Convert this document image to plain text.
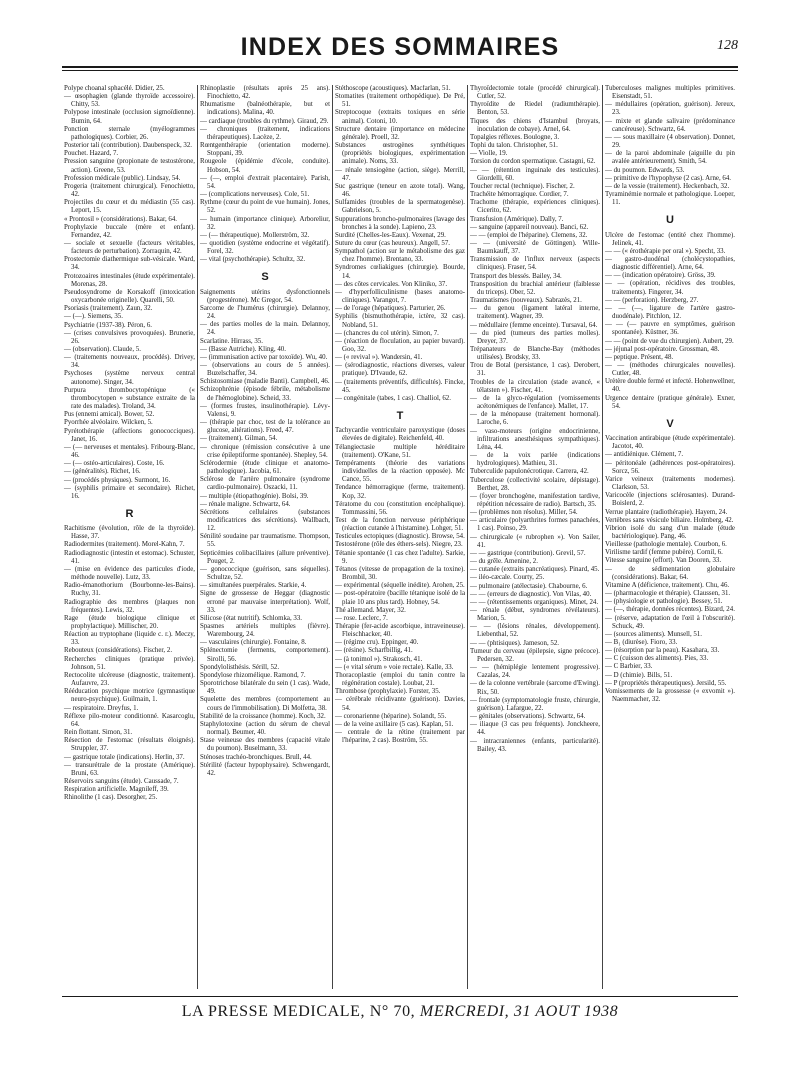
INDEX DES SOMMAIRES	128
Polype choanal sphacélé. Didier, 25.
— œsophagien (glande thyroïde accessoire). Chitty, 53.
Polypose intestinale (occlusion sigmoïdienne). Bumin, 64.
Ponction sternale (myélogrammes pathologiques). Corbier, 26.
Posterior tali (contribution). Daubenspeck, 32.
Pouchet. Hazard, 7.
Pression sanguine (propionate de testostérone, action). Greene, 53.
Profession médicale (public). Lindsay, 54.
Progeria (traitement chirurgical). Fenochietto, 42.
Projectiles du cœur et du médiastin (55 cas). Leport, 15.
« Prontosil » (considérations). Bakar, 64.
Prophylaxie buccale (mère et enfant). Fernandez, 42.
— sociale et sexuelle (facteurs véritables, facteurs de perturbation). Zorraquin, 42.
Prostectomie diathermique sub-vésicale. Ward, 34.
Protozoaires intestinales (étude expérimentale). Morenas, 28.
Pseudosyndrome de Korsakoff (intoxication oxycarbonée originelle). Quarelli, 50.
Psoriasis (traitement). Zaun, 32.
— (—). Siemens, 35.
Psychiatrie (1937-38). Péron, 6.
— (crises convulsives provoquées). Brunerie, 26.
— (observation). Claude, 5.
— (traitements nouveaux, procédés). Drivey, 34.
Psychoses (système nerveux central autonome). Singer, 34.
Purpura thrombocytopénique (« thrombocytopen » substance extraite de la rate des malades). Troland, 34.
Pus (ennemi amical). Bower, 52.
Pyorrhée alvéolaire. Wilcken, 5.
Pyrétothérapie (affections gonococciques). Janet, 16.
— (— nerveuses et mentales). Fribourg-Blanc, 46.
— (— ostéo-articulaires). Coste, 16.
— (généralités). Richet, 16.
— (procédés physiques). Surmont, 16.
— (syphilis primaire et secondaire). Richet, 16.
R
Rachitisme (évolution, rôle de la thyroïde). Hasse, 37.
Radiodermites (traitement). Morel-Kahn, 7.
Radiodiagnostic (intestin et estomac). Schuster, 41.
— (mise en évidence des particules d'iode, méthode nouvelle). Lutz, 33.
Radio-émanothorium (Bourbonne-les-Bains). Ruchy, 31.
Radiographie des membres (plaques non fréquentes). Lewis, 32.
Rage (étude biologique clinique et prophylactique). Millischer, 20.
Réaction au tryptophane (liquide c. r.). Meczy, 33.
Rebouteux (considérations). Fischer, 2.
Recherches cliniques (pratique privée). Johnson, 51.
Rectocolite ulcéreuse (diagnostic, traitement). Aufauvre, 23.
Rééducation psychique motrice (gymnastique neuro-psychique). Guilmain, 1.
— respiratoire. Dreyfus, 1.
Réflexe pilo-moteur conditionné. Kasarcoglu, 64.
Rein flottant. Simon, 31.
Résection de l'estomac (résultats éloignés). Struppler, 37.
— gastrique totale (indications). Herlin, 37.
— transurétrale de la prostate (Amérique). Bruni, 63.
Réservoirs sanguins (étude). Caussade, 7.
Respiration artificielle. Magnileff, 39.
Rhinolithe (1 cas). Desorgher, 25.
Rhinoplastie (résultats après 25 ans). Finochietto, 42.
Rhumatisme (balnéothérapie, but et indications). Malina, 40.
— cardiaque (troubles du rythme). Giraud, 29.
— chroniques (traitement, indications thérapeutiques). Lacèze, 2.
Rœntgenthérapie (orientation moderne). Stoppani, 39.
Rougeole (épidémie d'école, conduite). Hobson, 54.
— (—, emploi d'extrait placentaire). Parish, 54.
— (complications nerveuses). Cole, 51.
Rythme (cœur du point de vue humain). Jones, 52.
— humain (importance clinique). Arboreliur, 32.
— (— thérapeutique). Mollerström, 32.
— quotidien (système endocrine et végétatif). Forel, 32.
— vital (psychothérapie). Schultz, 32.
S
Saignements utérins dysfonctionnels (progestérone). Mc Gregor, 54.
Sarcome de l'humérus (chirurgie). Delannoy, 24.
— des parties molles de la main. Delannoy, 24.
Scarlatine. Hirrass, 35.
— (Basse Autriche). Kling, 40.
— (immunisation active par toxoïde). Wu, 40.
— (observations au cours de 5 années). Buzelschaffer, 34.
Schistosomiase (maladie Banti). Campbell, 46.
Schizophrénie (épisode fébrile, métabolisme de l'hémoglobine). Scheid, 33.
— (formes frustes, insulinothérapie). Lévy-Valensi, 9.
— (thérapie par choc, test de la tolérance au glucose, altérations). Freed, 47.
— (traitement). Gilman, 54.
— chronique (rémission consécutive à une crise épileptiforme spontanée). Shepley, 54.
Sclérodermie (étude clinique et anatomo-pathologique). Jacobia, 61.
Sclérose de l'artère pulmonaire (syndrome cardio-pulmonaire). Oszacki, 11.
— multiple (étiopathogénie). Bolsi, 39.
— rénale maligne. Schwartz, 64.
Sécrétions cellulaires (substances modificatrices des sécrétions). Wallbach, 12.
Sénilité soudaine par traumatisme. Thompson, 55.
Septicémies colibacillaires (allure préventive). Pouget, 2.
— gonococcique (guérison, sans séquelles). Schultze, 52.
— simultanées puerpérales. Starkie, 4.
Signe de grossesse de Heggar (diagnostic erroné par mauvaise interprétation). Wolf, 33.
Silicose (état nutritif). Schlomka, 33.
Spasmes artériels multiples (fièvre). Warembourg, 24.
— vasculaires (chirurgie). Fontaine, 8.
Splénectomie (ferments, comportement). Sirolli, 56.
Spondylolisthésis. Sérill, 52.
Spondylose rhizomélique. Ramond, 7.
Sporotrichose bilatérale du sein (1 cas). Wade, 49.
Squelette des membres (comportement au cours de l'immobilisation). Di Molfetta, 38.
Stabilité de la croissance (homme). Koch, 32.
Staphylotoxine (action du sérum de cheval normal). Beumer, 40.
Stase veineuse des membres (capacité vitale du poumon). Buselmann, 33.
Sténoses trachéo-bronchiques. Brull, 44.
Stérilité (facteur hypophysaire). Schwengardt, 42.
Stéthoscope (acoustiques). Macfarlan, 51.
Stomatites (traitement orthopédique). De Pré, 51.
Streptocoque (extraits toxiques en série animal). Cotoni, 10.
Structure dentaire (importance en médecine générale). Proell, 32.
Substances œstrogènes synthétiques (propriétés biologiques, expérimentation animale). Noms, 33.
— rénale tensiogène (action, siège). Merrill, 47.
Suc gastrique (teneur en azote total). Wang, 46.
Sulfamides (troubles de la spermatogenèse). Gabrielson, 5.
Suppurations broncho-pulmonaires (lavage des bronches à la sonde). Lapieno, 23.
Surdité (Chelles-les-Eaux). Vexenat, 29.
Suture du cœur (cas heureux). Angell, 57.
Sympathol (action sur le métabolisme des gaz chez l'homme). Brentano, 33.
Syndromes cœliakigues (chirurgie). Bourde, 14.
— des côtes cervicales. Von Kliniko, 37.
— d'hyperfolliculinisme (bases anatomo-cliniques). Varangot, 7.
— de l'orage (hépatiques). Parturier, 26.
Syphilis (bismuthothérapie, ictère, 32 cas). Nobland, 51.
— (chancres du col utérin). Simon, 7.
— (réaction de floculation, au papier buvard). Goo, 32.
— (« revival »). Wandersin, 41.
— (sérodiagnostic, réactions diverses, valeur pratique). D'Ivaude, 62.
— (traitements préventifs, difficultés). Fincke, 45.
— congénitale (tabes, 1 cas). Challiol, 62.
T
Tachycardie ventriculaire paroxystique (doses élevées de digitale). Reichenfeld, 40.
Télangiectasie multiple héréditaire (traitement). O'Kane, 51.
Tempéraments (théorie des variations individuelles de la réaction opposée). Mc Cance, 55.
Tendance hémorragique (ferme, traitement). Kop, 32.
Tératome du cou (constitution encéphalique). Tommassini, 56.
Test de la fonction nerveuse périphérique (réaction cutanée à l'histamine). Lohger, 51.
Testicules ectopiques (diagnostic). Browse, 54.
Testostérone (rôle des éthers-sels). Niegre, 23.
Tétanie spontanée (1 cas chez l'adulte). Sarkie, 9.
Tétanos (vitesse de propagation de la toxine). Brombil, 30.
— expérimental (séquelle inédite). Arohen, 25.
— post-opératoire (bacille tétanique isolé de la plaie 10 ans plus tard). Hobney, 54.
Thé allemand. Mayer, 32.
— rose. Leclerc, 7.
Thérapie (fer-acide ascorbique, intraveineuse). Fleischhacker, 40.
— (régime cru). Eppinger, 40.
— (résine). Scharfbillig, 41.
— (à tonimol »). Strakosch, 41.
— (« vital sérum » voie rectale). Kalle, 33.
Thoracoplastie (emploi du tanin contre la régénération costale). Loubat, 21.
Thrombose (prophylaxie). Forster, 35.
— cérébrale récidivante (guérison). Davies, 54.
— coronarienne (héparine). Solandt, 55.
— de la veine axillaire (5 cas). Kaplan, 51.
— centrale de la rétine (traitement par l'héparine, 2 cas). Boström, 55.
Thyroïdectomie totale (procédé chirurgical). Cutler, 52.
Thyroïdite de Riedel (radiumthérapie). Benton, 53.
Tiques des chiens d'Istambul (broyats, inoculation de cobaye). Arnel, 64.
Topalgies réflexes. Boulogne, 3.
Tophi du talon. Christopher, 51.
— Violle, 19.
Torsion du cordon spermatique. Castagni, 62.
— — (rétention inguinale des testicules). Giordelli, 60.
Toucher rectal (technique). Fischer, 2.
Trachéite hémorragique. Cordier, 7.
Trachome (thérapie, expériences cliniques). Cicerito, 62.
Transfusion (Amérique). Dally, 7.
— sanguine (appareil nouveau). Banci, 62.
— — (emploi de l'héparine). Clemens, 32.
— — (université de Göttingen). Wille-Baumkauff, 37.
Transmission de l'influx nerveux (aspects cliniques). Fraser, 54.
Transport des blessés. Bailey, 34.
Transposition du brachial antérieur (faiblesse du triceps). Ober, 52.
Traumatismes (nouveaux). Sabrazès, 21.
— du genou (ligament latéral interne, traitement). Wagner, 39.
— médullaire (femme enceinte). Tursaval, 64.
— du pied (tumeurs des parties molles). Dreyer, 37.
Trépanateurs de Blanche-Bay (méthodes utilisées). Brodsky, 33.
Trou de Botal (persistance, 1 cas). Derobert, 31.
Troubles de la circulation (stade avancé, « télatsten »). Fischer, 41.
— de la glyco-régulation (vomissements acétonémiques de l'enfance). Mallet, 17.
— de la ménopause (traitement hormonal). Laroche, 6.
— vaso-moteurs (origine endocrinienne, infiltrations anesthésiques sympathiques). Léna, 44.
— de la voix parlée (indications hydrologiques). Mathieu, 31.
Tuberculide papulonécrotique. Carrera, 42.
Tuberculose (collectivité scolaire, dépistage). Berthet, 28.
— (foyer bronchogène, manifestation tardive, répétition nécessaire de radio). Bartsch, 35.
— (problèmes non résolus). Miller, 54.
— articulaire (polyarthrites formes panachées, 1 cas). Poinso, 29.
— chirurgicale (« rubrophen »). Von Sailer, 41.
— — gastrique (contribution). Grevil, 57.
— du grêle. Amenine, 2.
— cutanée (extraits pancréatiques). Pinard, 45.
— iléo-cæcale. Courty, 25.
— pulmonaire (atélectasie). Chabourne, 6.
— — (erreurs de diagnostic). Von Vilas, 40.
— — (rétentissements organiques). Minet, 24.
— rénale (début, syndromes révélateurs). Marion, 5.
— — (lésions rénales, développement). Liebenthal, 52.
— — (phtisiques). Jameson, 52.
Tumeur du cerveau (épilepsie, signe précoce). Pedersen, 32.
— — (hémiplégie lentement progressive). Cazalas, 24.
— de la colonne vertébrale (sarcome d'Ewing). Rix, 50.
— frontale (symptomatologie fruste, chirurgie, guérison). Lafargue, 22.
— génitales (observations). Schwartz, 64.
— iliaque (3 cas peu fréquents). Jonckheere, 44.
— intracraniennes (enfants, particularité). Bailey, 43.
Tuberculoses malignes multiples primitives. Eisenstadt, 51.
— médullaires (opération, guérison). Jereux, 23.
— mixte et glande salivaire (prédominance cancéreuse). Schwartz, 64.
— — sous maxillaire (4 observation). Donnet, 29.
— de la paroi abdominale (aiguille du pin avalée antérieurement). Smith, 54.
— du poumon. Edwards, 53.
— primitive de l'hypophyse (2 cas). Arne, 64.
— de la vessie (traitement). Heckenbach, 32.
Tyraminémie normale et pathologique. Loeper, 11.
U
Ulcère de l'estomac (entité chez l'homme). Jelinek, 41.
— — (« érothérapie per oral »). Specht, 33.
— gastro-duodénal (cholécystopathies, diagnostic différentiel). Arne, 64.
— — (indication opératoire). Gröss, 39.
— — (opération, récidives des troubles, traitements). Fingerer, 34.
— — (perforation). Herzberg, 27.
— — (—, ligature de l'artère gastro-duodénale). Pitchlon, 12.
— — (— pauvre en symptômes, guérison spontanée). Küstner, 36.
— — (point de vue du chirurgien). Aubert, 29.
— jéjunal post-opératoire. Grossman, 48.
— peptique. Présent, 48.
— — (méthodes chirurgicales nouvelles). Cutler, 48.
Urètère double fermé et infecté. Hohenwellner, 40.
Urgence dentaire (pratique générale). Exner, 54.
V
Vaccination antirabique (étude expérimentale). Jacotot, 40.
— antidiénique. Clément, 7.
— péritonéale (adhérences post-opératoires). Sorcz, 56.
Varice veineux (traitements modernes). Clarkson, 53.
Varicocèle (injections sclérosantes). Durand-Boislerd, 2.
Verrue plantaire (radiothérapie). Hayem, 24.
Vertèbres sans vésicule biliaire. Holmberg, 42.
Vibrion isolé du sang d'un malade (étude bactériologique). Pang, 46.
Vieillesse (pathologie mentale). Courbon, 6.
Virilisme tardif (femme pubère). Cornil, 6.
Vitesse sanguine (effort). Van Dooren, 33.
— de sédimentation globulaire (considérations). Bakar, 64.
Vitamine A (déficience, traitement). Chu, 46.
— (pharmacologie et thérapie). Claussen, 31.
— (physiologie et pathologie). Bessey, 51.
— (—, thérapie, données récentes). Bizard, 24.
— (réserve, adaptation de l'œil à l'obscurité). Schuck, 49.
— (sources aliments). Munsell, 51.
— B₁ (diurèse). Fioro, 33.
— (résorption par la peau). Kasahara, 33.
— C (cuisson des aliments). Pies, 33.
— C Barbier, 33.
— D (chimie). Bills, 51.
— P (propriétés thérapeutiques). Jersild, 55.
Vomissements de la grossesse (« exvomit »). Naemmacher, 32.
LA PRESSE MEDICALE, N° 70, MERCREDI, 31 AOUT 1938
